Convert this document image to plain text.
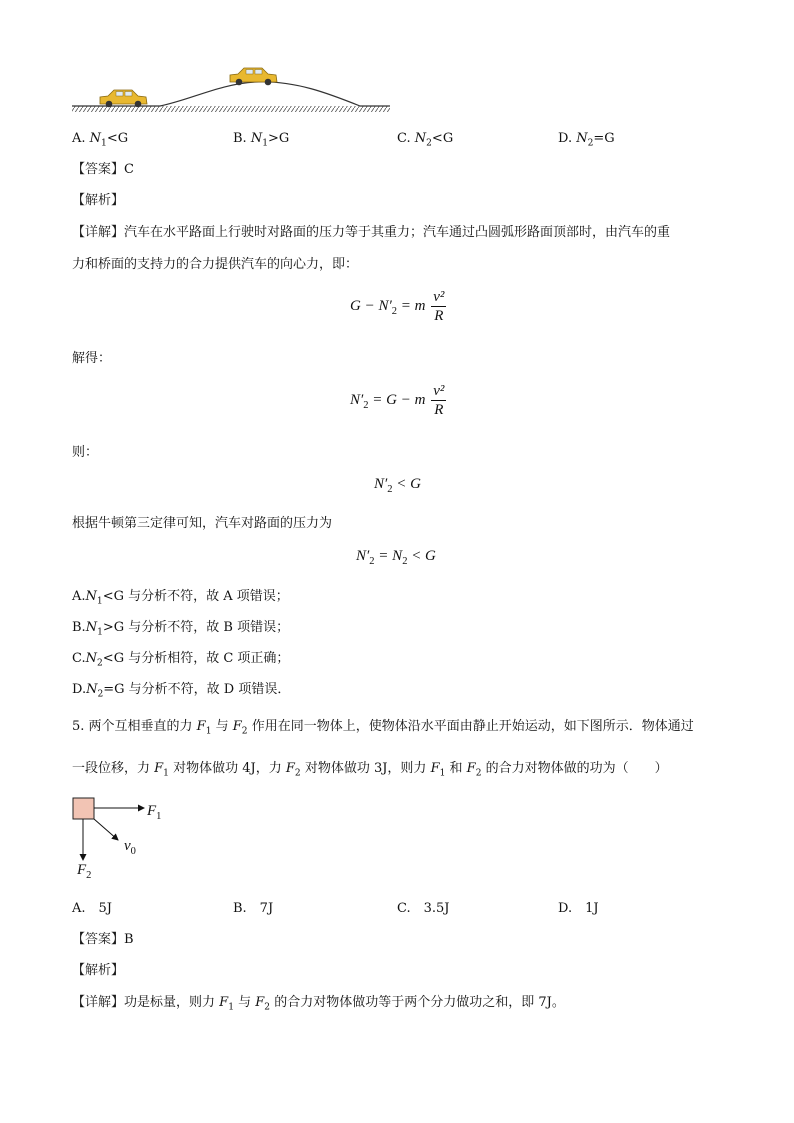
A. $N_1<G$	B. $N_1>G$	C. $N_2<G$	D. $N_2=G$
【答案】C
【解析】
【详解】汽车在水平路面上行驶时对路面的压力等于其重力；汽车通过凸圆弧形路面顶部时，由汽车的重
力和桥面的支持力的合力提供汽车的向心力，即：
$G - N'_2 = m \frac{\text{v²}}{R}$
解得：
$N'_2 = G - m \frac{\text{v²}}{R}$
则：
$N'_2 < G$
根据牛顿第三定律可知，汽车对路面的压力为
$N'_2 = N_2 < G$
$A.N_1<G$ 与分析不符，故 A 项错误；
$B.N_1>G$ 与分析不符，故 B 项错误；
$C.N_2<G$ 与分析相符，故 C 项正确；
$D.N_2=G$ 与分析不符，故 D 项错误．
5. 两个互相垂直的力 $F_1$ 与 $F_2$ 作用在同一物体上，使物体沿水平面由静止开始运动，如下图所示．物体通过
一段位移，力 $F_1$ 对物体做功 4J，力 $F_2$ 对物体做功 3J，则力 $F_1$ 和 $F_2$ 的合力对物体做的功为（　　）
$F_1$
$v_0$
$F_2$
A.　5J	B.　7J	C.　3.5J	D.　1J
【答案】B
【解析】
【详解】功是标量，则力 $F_1$ 与 $F_2$ 的合力对物体做功等于两个分力做功之和，即 7J。
